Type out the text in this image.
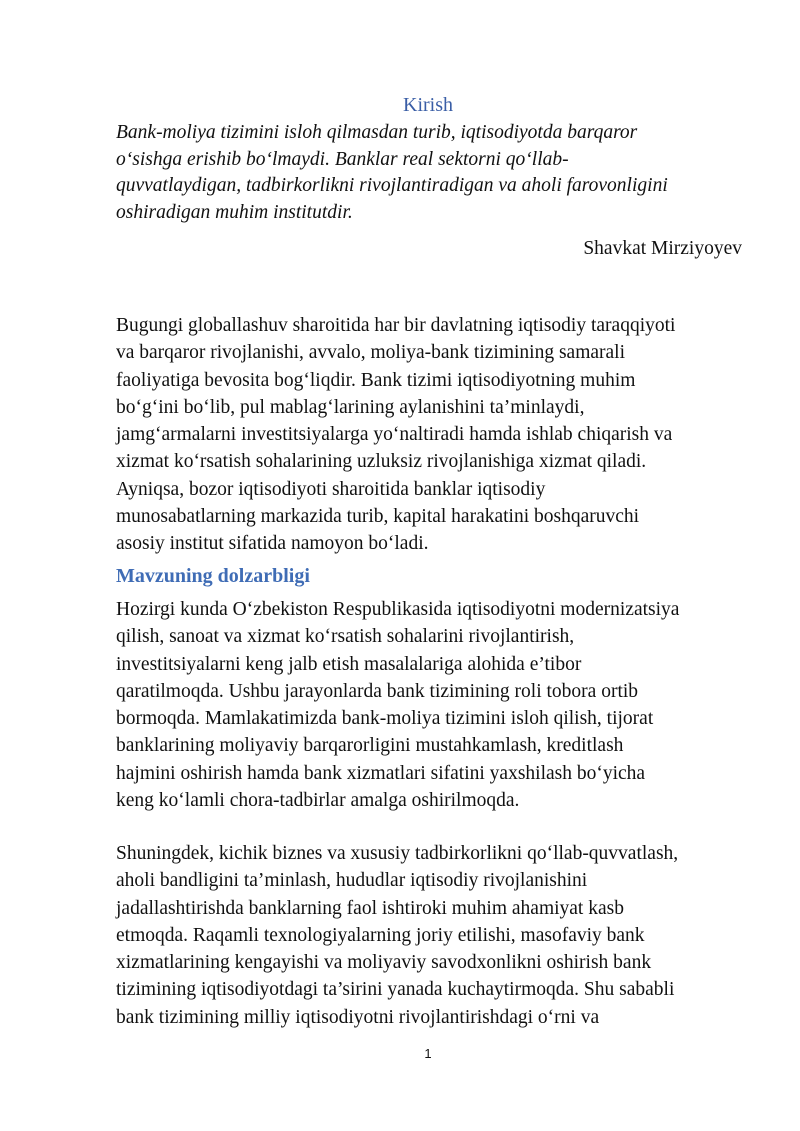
Kirish

Bank-moliya tizimini isloh qilmasdan turib, iqtisodiyotda barqaror
o‘sishga erishib bo‘lmaydi. Banklar real sektorni qo‘llab-
quvvatlaydigan, tadbirkorlikni rivojlantiradigan va aholi farovonligini
oshiradigan muhim institutdir.

Shavkat Mirziyoyev

Bugungi globallashuv sharoitida har bir davlatning iqtisodiy taraqqiyoti
va barqaror rivojlanishi, avvalo, moliya-bank tizimining samarali
faoliyatiga bevosita bog‘liqdir. Bank tizimi iqtisodiyotning muhim
bo‘g‘ini bo‘lib, pul mablag‘larining aylanishini ta’minlaydi,
jamg‘armalarni investitsiyalarga yo‘naltiradi hamda ishlab chiqarish va
xizmat ko‘rsatish sohalarining uzluksiz rivojlanishiga xizmat qiladi.
Ayniqsa, bozor iqtisodiyoti sharoitida banklar iqtisodiy
munosabatlarning markazida turib, kapital harakatini boshqaruvchi
asosiy institut sifatida namoyon bo‘ladi.

Mavzuning dolzarbligi

Hozirgi kunda O‘zbekiston Respublikasida iqtisodiyotni modernizatsiya
qilish, sanoat va xizmat ko‘rsatish sohalarini rivojlantirish,
investitsiyalarni keng jalb etish masalalariga alohida e’tibor
qaratilmoqda. Ushbu jarayonlarda bank tizimining roli tobora ortib
bormoqda. Mamlakatimizda bank-moliya tizimini isloh qilish, tijorat
banklarining moliyaviy barqarorligini mustahkamlash, kreditlash
hajmini oshirish hamda bank xizmatlari sifatini yaxshilash bo‘yicha
keng ko‘lamli chora-tadbirlar amalga oshirilmoqda.

Shuningdek, kichik biznes va xususiy tadbirkorlikni qo‘llab-quvvatlash,
aholi bandligini ta’minlash, hududlar iqtisodiy rivojlanishini
jadallashtirishda banklarning faol ishtiroki muhim ahamiyat kasb
etmoqda. Raqamli texnologiyalarning joriy etilishi, masofaviy bank
xizmatlarining kengayishi va moliyaviy savodxonlikni oshirish bank
tizimining iqtisodiyotdagi ta’sirini yanada kuchaytirmoqda. Shu sababli
bank tizimining milliy iqtisodiyotni rivojlantirishdagi o‘rni va

1
